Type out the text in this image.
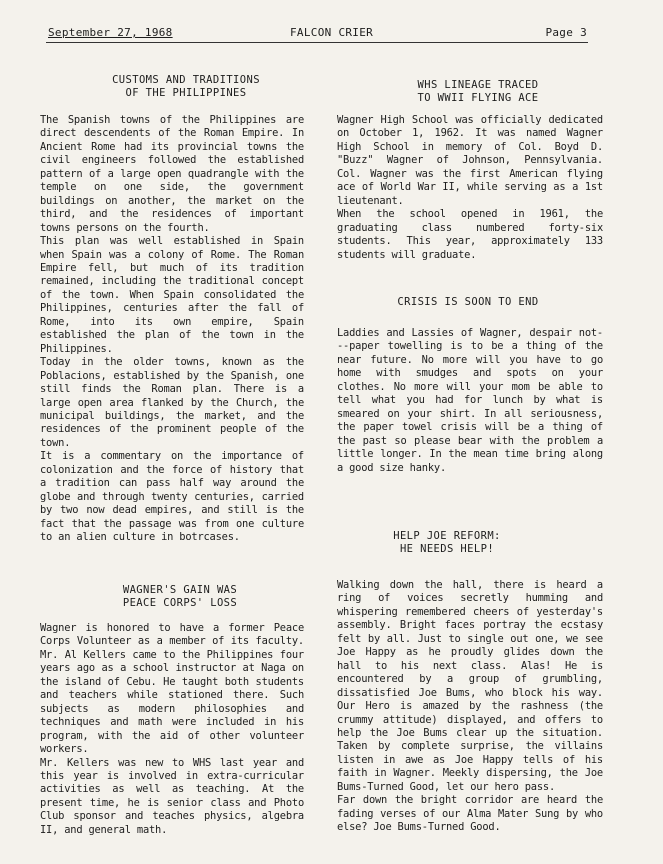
September 27, 1968	FALCON CRIER	Page 3
CUSTOMS AND TRADITIONS
OF THE PHILIPPINES
The Spanish towns of the Philippines are direct descendents of the Roman Empire. In Ancient Rome had its provincial towns the civil engineers followed the established pattern of a large open quadrangle with the temple on one side, the government buildings on another, the market on the third, and the residences of important towns persons on the fourth.
This plan was well established in Spain when Spain was a colony of Rome. The Roman Empire fell, but much of its tradition remained, including the traditional concept of the town. When Spain consolidated the Philippines, centuries after the fall of Rome, into its own empire, Spain established the plan of the town in the Philippines.
Today in the older towns, known as the Poblacions, established by the Spanish, one still finds the Roman plan. There is a large open area flanked by the Church, the municipal buildings, the market, and the residences of the prominent people of the town.
It is a commentary on the importance of colonization and the force of history that a tradition can pass half way around the globe and through twenty centuries, carried by two now dead empires, and still is the fact that the passage was from one culture to an alien culture in botrcases.
WAGNER'S GAIN WAS
PEACE CORPS' LOSS
Wagner is honored to have a former Peace Corps Volunteer as a member of its faculty. Mr. Al Kellers came to the Philippines four years ago as a school instructor at Naga on the island of Cebu. He taught both students and teachers while stationed there. Such subjects as modern philosophies and techniques and math were included in his program, with the aid of other volunteer workers.
Mr. Kellers was new to WHS last year and this year is involved in extra-curricular activities as well as teaching. At the present time, he is senior class and Photo Club sponsor and teaches physics, algebra II, and general math.
WHS LINEAGE TRACED
TO WWII FLYING ACE
Wagner High School was officially dedicated on October 1, 1962. It was named Wagner High School in memory of Col. Boyd D. "Buzz" Wagner of Johnson, Pennsylvania. Col. Wagner was the first American flying ace of World War II, while serving as a 1st lieutenant.
When the school opened in 1961, the graduating class numbered forty-six students. This year, approximately 133 students will graduate.
CRISIS IS SOON TO END
Laddies and Lassies of Wagner, despair not---paper towelling is to be a thing of the near future. No more will you have to go home with smudges and spots on your clothes. No more will your mom be able to tell what you had for lunch by what is smeared on your shirt. In all seriousness, the paper towel crisis will be a thing of the past so please bear with the problem a little longer. In the mean time bring along a good size hanky.
HELP JOE REFORM:
HE NEEDS HELP!
Walking down the hall, there is heard a ring of voices secretly humming and whispering remembered cheers of yesterday's assembly. Bright faces portray the ecstasy felt by all. Just to single out one, we see Joe Happy as he proudly glides down the hall to his next class. Alas! He is encountered by a group of grumbling, dissatisfied Joe Bums, who block his way. Our Hero is amazed by the rashness (the crummy attitude) displayed, and offers to help the Joe Bums clear up the situation. Taken by complete surprise, the villains listen in awe as Joe Happy tells of his faith in Wagner. Meekly dispersing, the Joe Bums-Turned Good, let our hero pass.
Far down the bright corridor are heard the fading verses of our Alma Mater Sung by who else? Joe Bums-Turned Good.
